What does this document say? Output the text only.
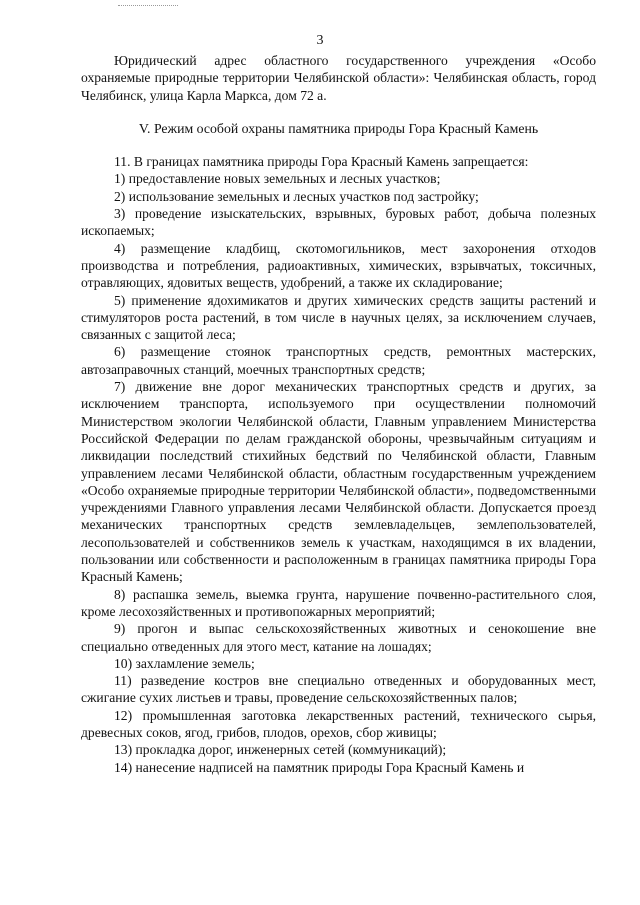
3

Юридический адрес областного государственного учреждения «Особо охраняемые природные территории Челябинской области»: Челябинская область, город Челябинск, улица Карла Маркса, дом 72 а.

V. Режим особой охраны памятника природы Гора Красный Камень

11. В границах памятника природы Гора Красный Камень запрещается:

1) предоставление новых земельных и лесных участков;

2) использование земельных и лесных участков под застройку;

3) проведение изыскательских, взрывных, буровых работ, добыча полезных ископаемых;

4) размещение кладбищ, скотомогильников, мест захоронения отходов производства и потребления, радиоактивных, химических, взрывчатых, токсичных, отравляющих, ядовитых веществ, удобрений, а также их складирование;

5) применение ядохимикатов и других химических средств защиты растений и стимуляторов роста растений, в том числе в научных целях, за исключением случаев, связанных с защитой леса;

6) размещение стоянок транспортных средств, ремонтных мастерских, автозаправочных станций, моечных транспортных средств;

7) движение вне дорог механических транспортных средств и других, за исключением транспорта, используемого при осуществлении полномочий Министерством экологии Челябинской области, Главным управлением Министерства Российской Федерации по делам гражданской обороны, чрезвычайным ситуациям и ликвидации последствий стихийных бедствий по Челябинской области, Главным управлением лесами Челябинской области, областным государственным учреждением «Особо охраняемые природные территории Челябинской области», подведомственными учреждениями Главного управления лесами Челябинской области. Допускается проезд механических транспортных средств землевладельцев, землепользователей, лесопользователей и собственников земель к участкам, находящимся в их владении, пользовании или собственности и расположенным в границах памятника природы Гора Красный Камень;

8) распашка земель, выемка грунта, нарушение почвенно-растительного слоя, кроме лесохозяйственных и противопожарных мероприятий;

9) прогон и выпас сельскохозяйственных животных и сенокошение вне специально отведенных для этого мест, катание на лошадях;

10) захламление земель;

11) разведение костров вне специально отведенных и оборудованных мест, сжигание сухих листьев и травы, проведение сельскохозяйственных палов;

12) промышленная заготовка лекарственных растений, технического сырья, древесных соков, ягод, грибов, плодов, орехов, сбор живицы;

13) прокладка дорог, инженерных сетей (коммуникаций);

14) нанесение надписей на памятник природы Гора Красный Камень и
